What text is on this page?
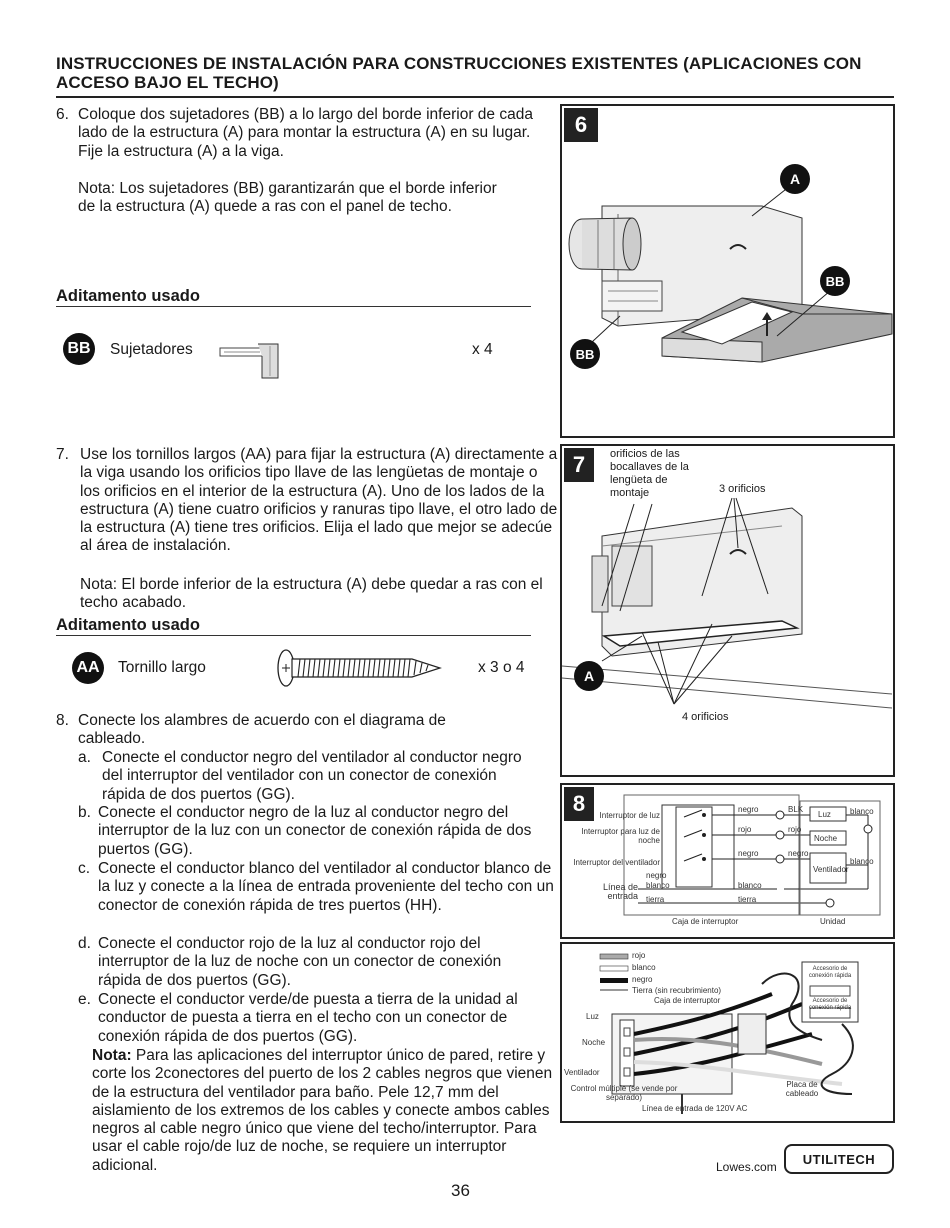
INSTRUCCIONES DE INSTALACIÓN PARA CONSTRUCCIONES EXISTENTES (APLICACIONES CON ACCESO BAJO EL TECHO)
6. Coloque dos sujetadores (BB) a lo largo del borde inferior de cada lado de la estructura (A) para montar la estructura (A) en su lugar. Fije la estructura (A) a la viga.
Nota: Los sujetadores (BB) garantizarán que el borde inferior de la estructura (A) quede a ras con el panel de techo.
Aditamento usado
BB Sujetadores	x 4
7. Use los tornillos largos (AA) para fijar la estructura (A) directamente a la viga usando los orificios tipo llave de las lengüetas de montaje o los orificios en el interior de la estructura (A). Uno de los lados de la estructura (A) tiene cuatro orificios y ranuras tipo llave, el otro lado de la estructura (A) tiene tres orificios. Elija el lado que mejor se adecúe al área de instalación.
Nota: El borde inferior de la estructura (A) debe quedar a ras con el techo acabado.
Aditamento usado
AA Tornillo largo	x 3 o 4
8. Conecte los alambres de acuerdo con el diagrama de cableado.
a. Conecte el conductor negro del ventilador al conductor negro del interruptor del ventilador con un conector de conexión rápida de dos puertos (GG).
b. Conecte el conductor negro de la luz al conductor negro del interruptor de la luz con un conector de conexión rápida de dos puertos (GG).
c. Conecte el conductor blanco del ventilador al conductor blanco de la luz y conecte a la línea de entrada proveniente del techo con un conector de conexión rápida de tres puertos (HH).
d. Conecte el conductor rojo de la luz al conductor rojo del interruptor de la luz de noche con un conector de conexión rápida de dos puertos (GG).
e. Conecte el conductor verde/de puesta a tierra de la unidad al conductor de puesta a tierra en el techo con un conector de conexión rápida de dos puertos (GG).
Nota: Para las aplicaciones del interruptor único de pared, retire y corte los 2conectores del puerto de los 2 cables negros que vienen de la estructura del ventilador para baño. Pele 12,7 mm del aislamiento de los extremos de los cables y conecte ambos cables negros al cable negro único que viene del techo/interruptor. Para usar el cable rojo/de luz de noche, se requiere un interruptor adicional.
6
A
BB
BB
7	orificios de las bocallaves de la lengüeta de montaje	3 orificios
4 orificios
A
8	Interruptor de luz
Interruptor para luz de noche
Interruptor del ventilador
Línea de entrada
negro
rojo
negro
negro
blanco
tierra
BLK
rojo
negro
blanco
tierra
blanco
blanco
Luz
Noche
Ventilador
Caja de interruptor	Unidad
rojo
blanco
negro
Tierra (sin recubrimiento)
Caja de interruptor
Luz
Noche
Ventilador
Control múltiple (se vende por separado)
Placa de cableado
Línea de entrada de 120V AC
Accesorio de conexión rápida
Accesorio de conexión rápida
36
Lowes.com
UTILITECH
